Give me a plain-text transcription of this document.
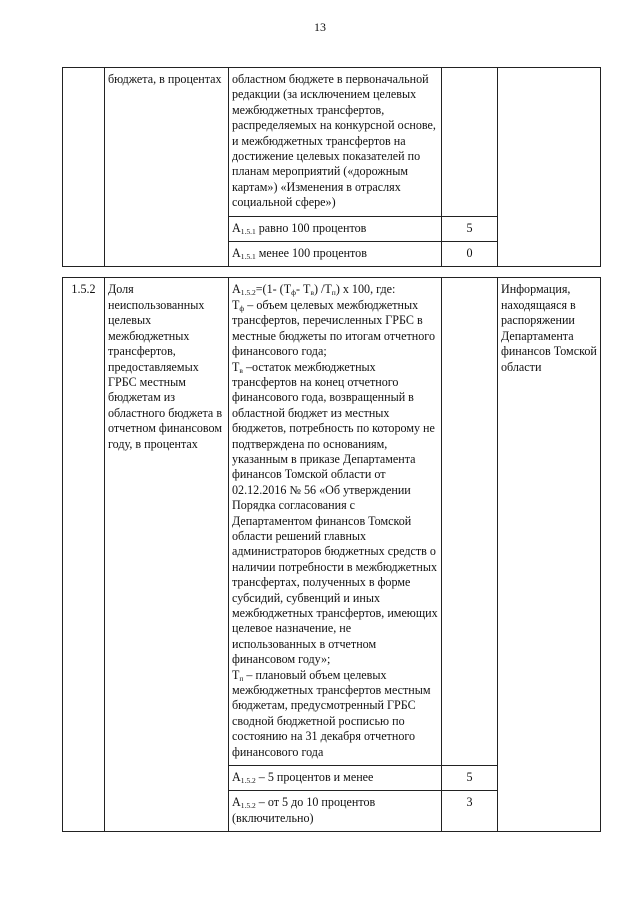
13
	бюджета, в процентах	областном бюджете в первоначальной редакции (за исключением целевых межбюджетных трансфертов, распределяемых на конкурсной основе, и межбюджетных трансфертов на достижение целевых показателей по планам мероприятий («дорожным картам») «Изменения в отраслях социальной сфере»)		
		$А_{1.5.1}$ равно 100 процентов	5	
		$А_{1.5.1}$ менее 100 процентов	0	

1.5.2	Доля неиспользованных целевых межбюджетных трансфертов, предоставляемых ГРБС местным бюджетам из областного бюджета в отчетном финансовом году, в процентах	$А_{1.5.2}=(1-$ ($Т_ф-$ $Т_в$) $/Т_п$) х 100, где:
$Т_ф$ – объем целевых межбюджетных трансфертов, перечисленных ГРБС в местные бюджеты по итогам отчетного финансового года;
$Т_в$ –остаток межбюджетных трансфертов на конец отчетного финансового года, возвращенный в областной бюджет из местных бюджетов, потребность по которому не подтверждена по основаниям, указанным в приказе Департамента финансов Томской области от 02.12.2016 № 56 «Об утверждении Порядка согласования с Департаментом финансов Томской области решений главных администраторов бюджетных средств о наличии потребности в межбюджетных трансфертах, полученных в форме субсидий, субвенций и иных межбюджетных трансфертов, имеющих целевое назначение, не использованных в отчетном финансовом году»;
$Т_п$ – плановый объем целевых межбюджетных трансфертов местным бюджетам, предусмотренный ГРБС сводной бюджетной росписью по состоянию на 31 декабря отчетного финансового года		Информация, находящаяся в распоряжении Департамента финансов Томской области
		$А_{1.5.2} - 5$ процентов и менее	5	
		$А_{1.5.2}$ – от 5 до 10 процентов (включительно)	3	
